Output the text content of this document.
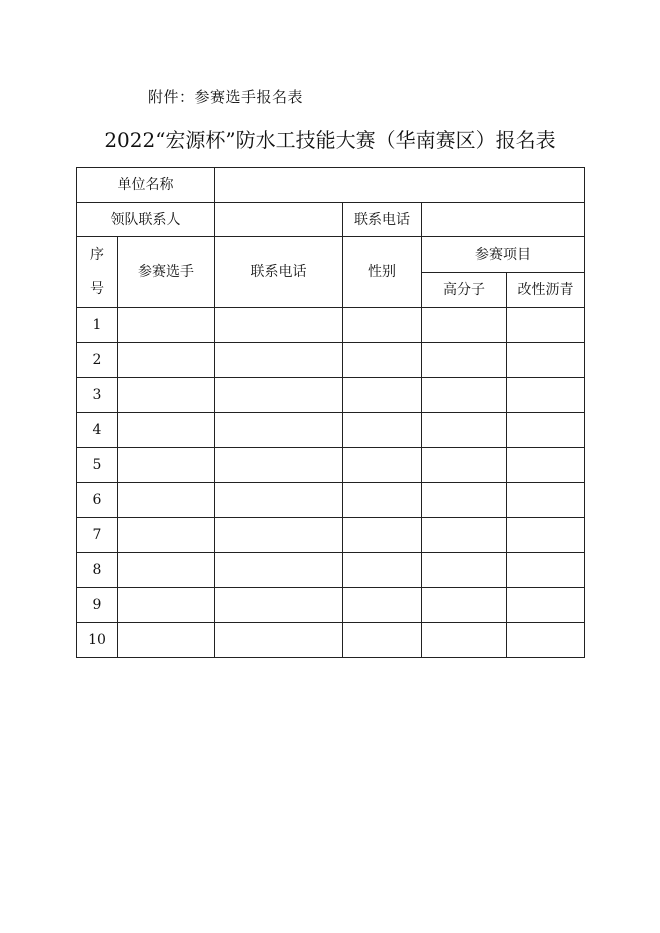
附件：参赛选手报名表
2022“宏源杯”防水工技能大赛（华南赛区）报名表
单位名称					
领队联系人			联系电话		

序
号	参赛选手	联系电话	性别	参赛项目	
				高分子	改性沥青
1					
2					
3					
4					
5					
6					
7					
8					
9					
10					
